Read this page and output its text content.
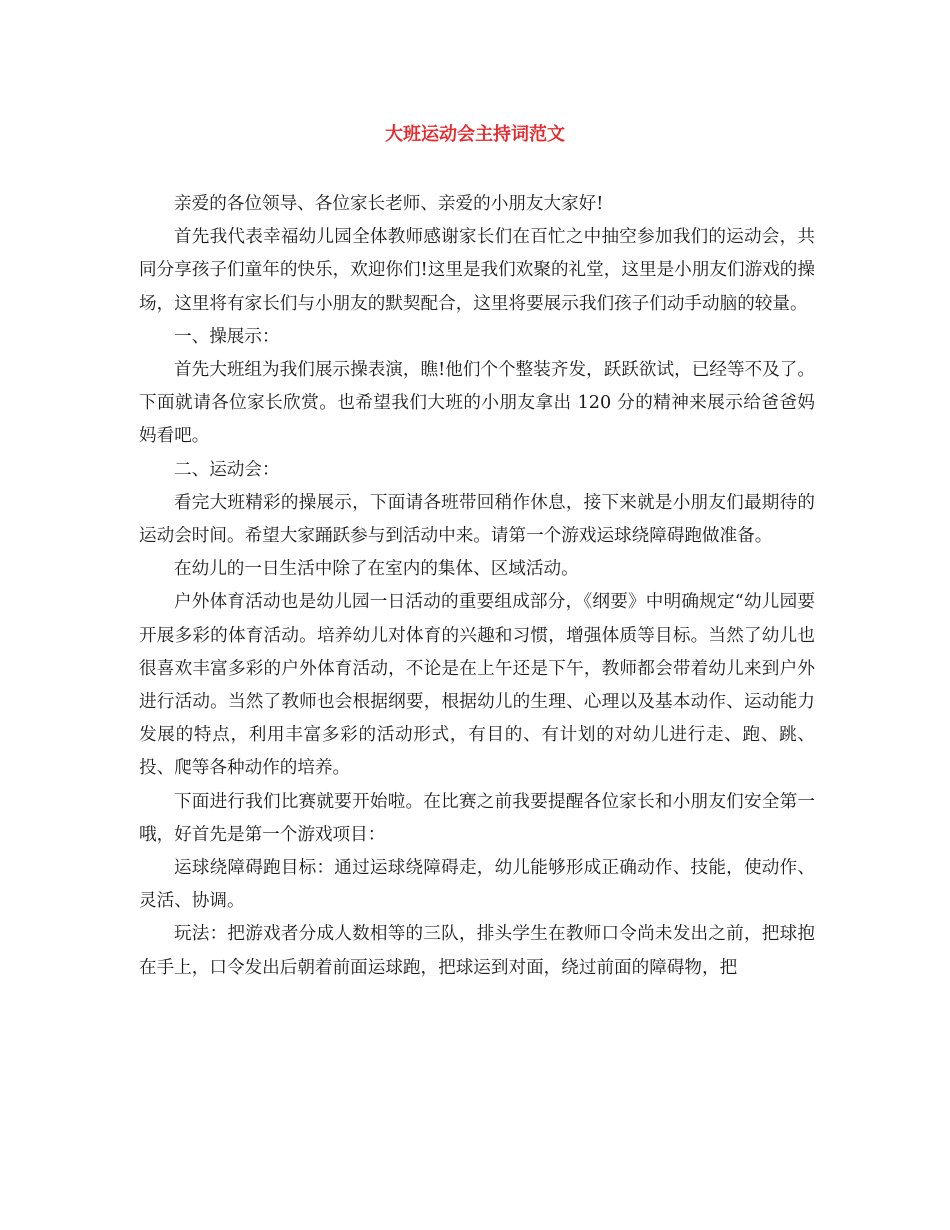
大班运动会主持词范文

亲爱的各位领导、各位家长老师、亲爱的小朋友大家好!

首先我代表幸福幼儿园全体教师感谢家长们在百忙之中抽空参加我们的运动会，共同分享孩子们童年的快乐，欢迎你们!这里是我们欢聚的礼堂，这里是小朋友们游戏的操场，这里将有家长们与小朋友的默契配合，这里将要展示我们孩子们动手动脑的较量。

一、操展示：

首先大班组为我们展示操表演，瞧!他们个个整装齐发，跃跃欲试，已经等不及了。下面就请各位家长欣赏。也希望我们大班的小朋友拿出 120 分的精神来展示给爸爸妈妈看吧。

二、运动会：

看完大班精彩的操展示，下面请各班带回稍作休息，接下来就是小朋友们最期待的运动会时间。希望大家踊跃参与到活动中来。请第一个游戏运球绕障碍跑做准备。

在幼儿的一日生活中除了在室内的集体、区域活动。

户外体育活动也是幼儿园一日活动的重要组成部分，《纲要》中明确规定“幼儿园要开展多彩的体育活动。培养幼儿对体育的兴趣和习惯，增强体质等目标。当然了幼儿也很喜欢丰富多彩的户外体育活动，不论是在上午还是下午，教师都会带着幼儿来到户外进行活动。当然了教师也会根据纲要，根据幼儿的生理、心理以及基本动作、运动能力发展的特点，利用丰富多彩的活动形式，有目的、有计划的对幼儿进行走、跑、跳、投、爬等各种动作的培养。

下面进行我们比赛就要开始啦。在比赛之前我要提醒各位家长和小朋友们安全第一哦，好首先是第一个游戏项目：

运球绕障碍跑目标：通过运球绕障碍走，幼儿能够形成正确动作、技能，使动作、灵活、协调。

玩法：把游戏者分成人数相等的三队，排头学生在教师口令尚未发出之前，把球抱在手上，口令发出后朝着前面运球跑，把球运到对面，绕过前面的障碍物，把
